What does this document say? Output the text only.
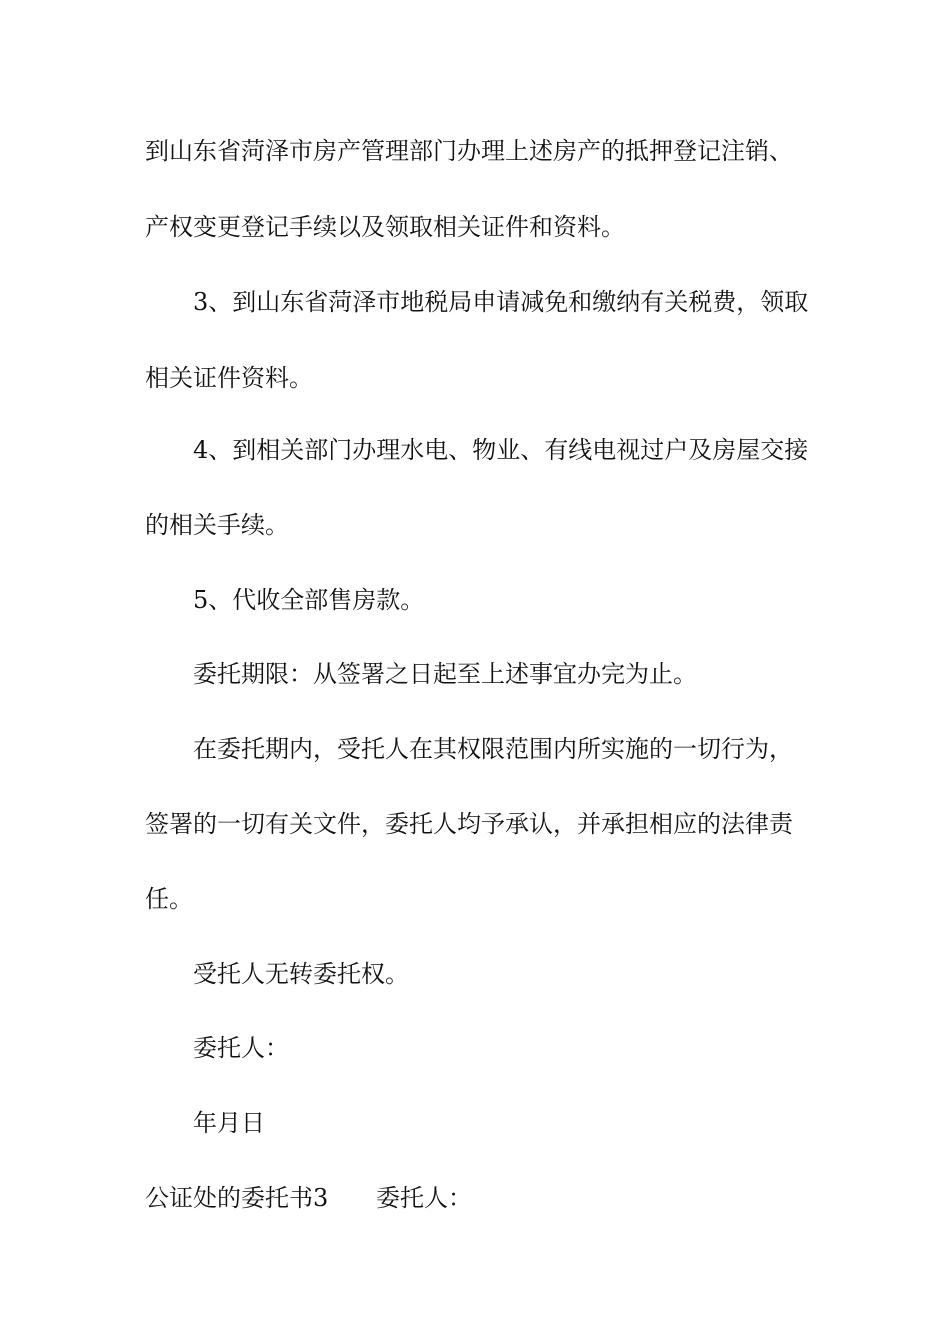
到山东省菏泽市房产管理部门办理上述房产的抵押登记注销、
产权变更登记手续以及领取相关证件和资料。
3、到山东省菏泽市地税局申请减免和缴纳有关税费，领取
相关证件资料。
4、到相关部门办理水电、物业、有线电视过户及房屋交接
的相关手续。
5、代收全部售房款。
委托期限：从签署之日起至上述事宜办完为止。
在委托期内，受托人在其权限范围内所实施的一切行为，
签署的一切有关文件，委托人均予承认，并承担相应的法律责
任。
受托人无转委托权。
委托人：
年月日
公证处的委托书3 委托人：
